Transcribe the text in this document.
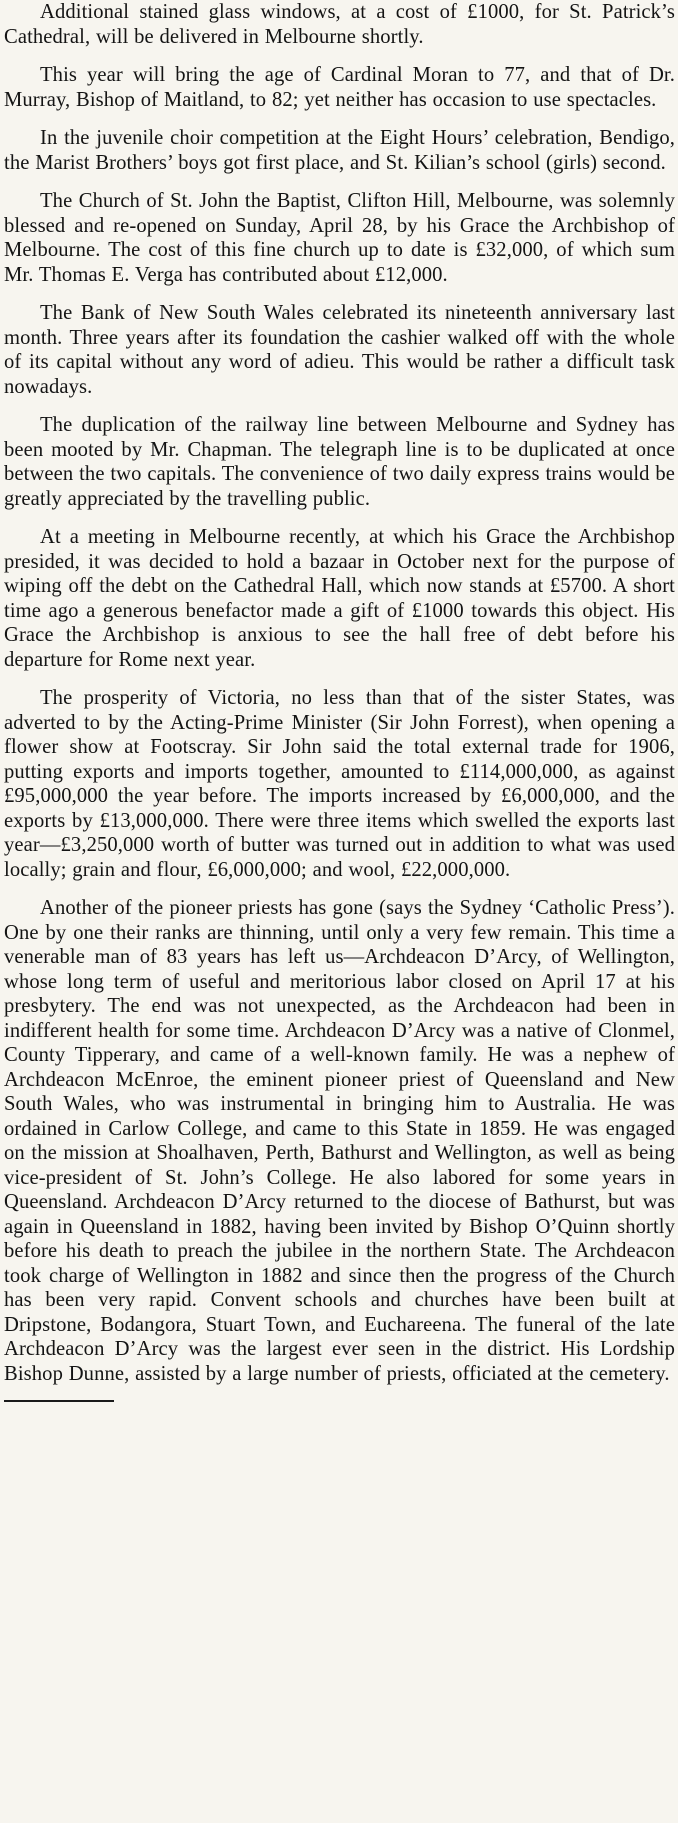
Additional stained glass windows, at a cost of £1000, for St. Patrick’s Cathedral, will be delivered in Melbourne shortly.

This year will bring the age of Cardinal Moran to 77, and that of Dr. Murray, Bishop of Maitland, to 82; yet neither has occasion to use spectacles.

In the juvenile choir competition at the Eight Hours’ celebration, Bendigo, the Marist Brothers’ boys got first place, and St. Kilian’s school (girls) second.

The Church of St. John the Baptist, Clifton Hill, Melbourne, was solemnly blessed and re-opened on Sunday, April 28, by his Grace the Archbishop of Melbourne. The cost of this fine church up to date is £32,000, of which sum Mr. Thomas E. Verga has contributed about £12,000.

The Bank of New South Wales celebrated its nineteenth anniversary last month. Three years after its foundation the cashier walked off with the whole of its capital without any word of adieu. This would be rather a difficult task nowadays.

The duplication of the railway line between Melbourne and Sydney has been mooted by Mr. Chapman. The telegraph line is to be duplicated at once between the two capitals. The convenience of two daily express trains would be greatly appreciated by the travelling public.

At a meeting in Melbourne recently, at which his Grace the Archbishop presided, it was decided to hold a bazaar in October next for the purpose of wiping off the debt on the Cathedral Hall, which now stands at £5700. A short time ago a generous benefactor made a gift of £1000 towards this object. His Grace the Archbishop is anxious to see the hall free of debt before his departure for Rome next year.

The prosperity of Victoria, no less than that of the sister States, was adverted to by the Acting-Prime Minister (Sir John Forrest), when opening a flower show at Footscray. Sir John said the total external trade for 1906, putting exports and imports together, amounted to £114,000,000, as against £95,000,000 the year before. The imports increased by £6,000,000, and the exports by £13,000,000. There were three items which swelled the exports last year—£3,250,000 worth of butter was turned out in addition to what was used locally; grain and flour, £6,000,000; and wool, £22,000,000.

Another of the pioneer priests has gone (says the Sydney ‘Catholic Press’). One by one their ranks are thinning, until only a very few remain. This time a venerable man of 83 years has left us—Archdeacon D’Arcy, of Wellington, whose long term of useful and meritorious labor closed on April 17 at his presbytery. The end was not unexpected, as the Archdeacon had been in indifferent health for some time. Archdeacon D’Arcy was a native of Clonmel, County Tipperary, and came of a well-known family. He was a nephew of Archdeacon McEnroe, the eminent pioneer priest of Queensland and New South Wales, who was instrumental in bringing him to Australia. He was ordained in Carlow College, and came to this State in 1859. He was engaged on the mission at Shoalhaven, Perth, Bathurst and Wellington, as well as being vice-president of St. John’s College. He also labored for some years in Queensland. Archdeacon D’Arcy returned to the diocese of Bathurst, but was again in Queensland in 1882, having been invited by Bishop O’Quinn shortly before his death to preach the jubilee in the northern State. The Archdeacon took charge of Wellington in 1882 and since then the progress of the Church has been very rapid. Convent schools and churches have been built at Dripstone, Bodangora, Stuart Town, and Euchareena. The funeral of the late Archdeacon D’Arcy was the largest ever seen in the district. His Lordship Bishop Dunne, assisted by a large number of priests, officiated at the cemetery.
